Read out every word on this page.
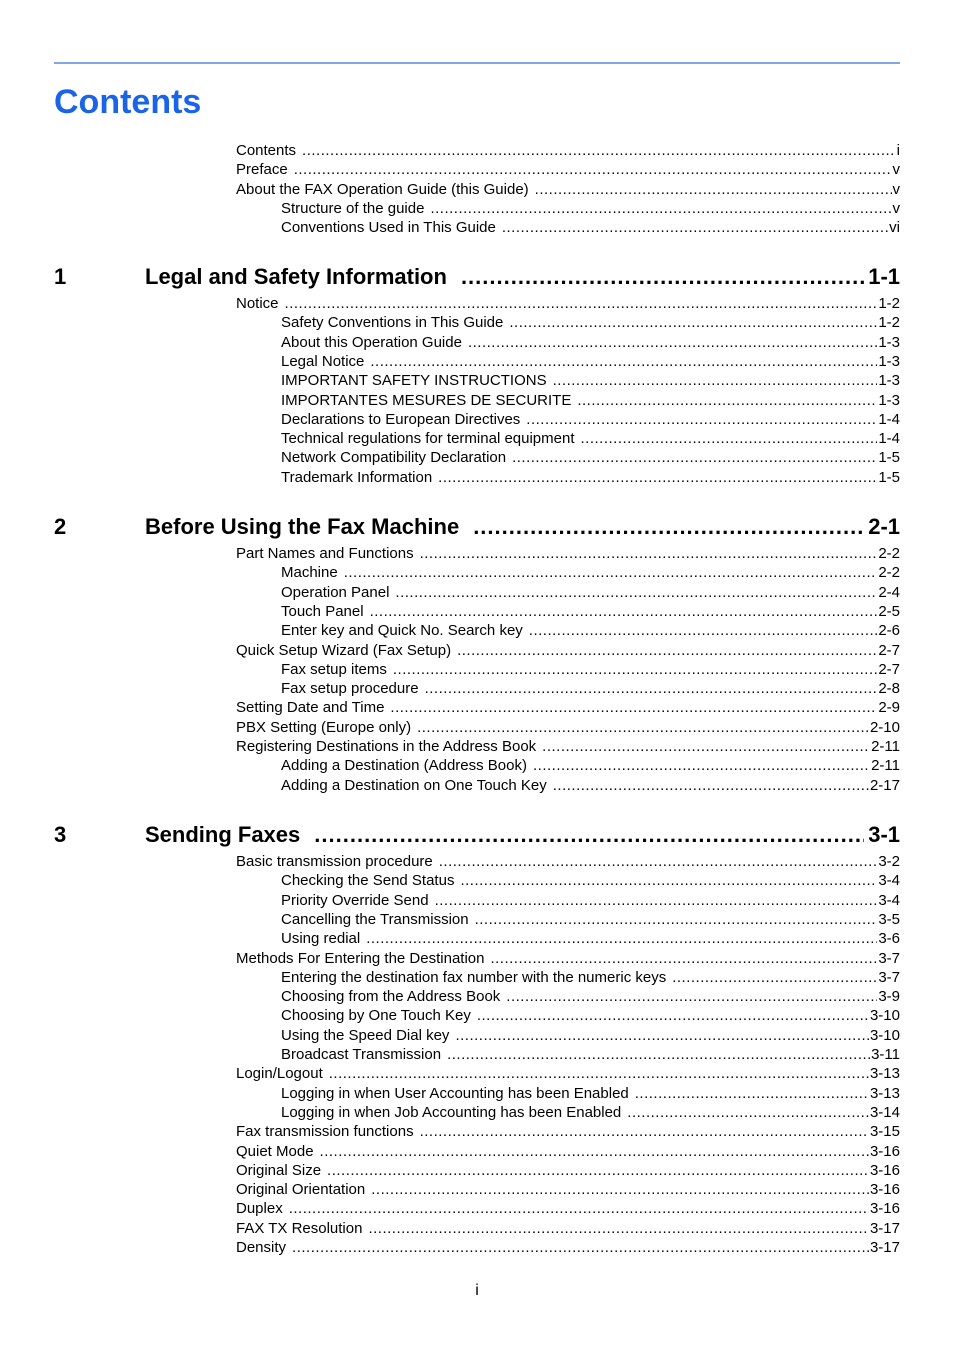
Contents
Contents .....	i
Preface .....	v
About the FAX Operation Guide (this Guide) .....	v
Structure of the guide .....	v
Conventions Used in This Guide .....	vi
1	Legal and Safety Information .....	1-1
Notice .....	1-2
Safety Conventions in This Guide .....	1-2
About this Operation Guide .....	1-3
Legal Notice .....	1-3
IMPORTANT SAFETY INSTRUCTIONS .....	1-3
IMPORTANTES MESURES DE SECURITE .....	1-3
Declarations to European Directives .....	1-4
Technical regulations for terminal equipment .....	1-4
Network Compatibility Declaration .....	1-5
Trademark Information .....	1-5
2	Before Using the Fax Machine .....	2-1
Part Names and Functions .....	2-2
Machine .....	2-2
Operation Panel .....	2-4
Touch Panel .....	2-5
Enter key and Quick No. Search key .....	2-6
Quick Setup Wizard (Fax Setup) .....	2-7
Fax setup items .....	2-7
Fax setup procedure .....	2-8
Setting Date and Time .....	2-9
PBX Setting (Europe only) .....	2-10
Registering Destinations in the Address Book .....	2-11
Adding a Destination (Address Book) .....	2-11
Adding a Destination on One Touch Key .....	2-17
3	Sending Faxes .....	3-1
Basic transmission procedure .....	3-2
Checking the Send Status .....	3-4
Priority Override Send .....	3-4
Cancelling the Transmission .....	3-5
Using redial .....	3-6
Methods For Entering the Destination .....	3-7
Entering the destination fax number with the numeric keys .....	3-7
Choosing from the Address Book .....	3-9
Choosing by One Touch Key .....	3-10
Using the Speed Dial key .....	3-10
Broadcast Transmission .....	3-11
Login/Logout .....	3-13
Logging in when User Accounting has been Enabled .....	3-13
Logging in when Job Accounting has been Enabled .....	3-14
Fax transmission functions .....	3-15
Quiet Mode .....	3-16
Original Size .....	3-16
Original Orientation .....	3-16
Duplex .....	3-16
FAX TX Resolution .....	3-17
Density .....	3-17
i
